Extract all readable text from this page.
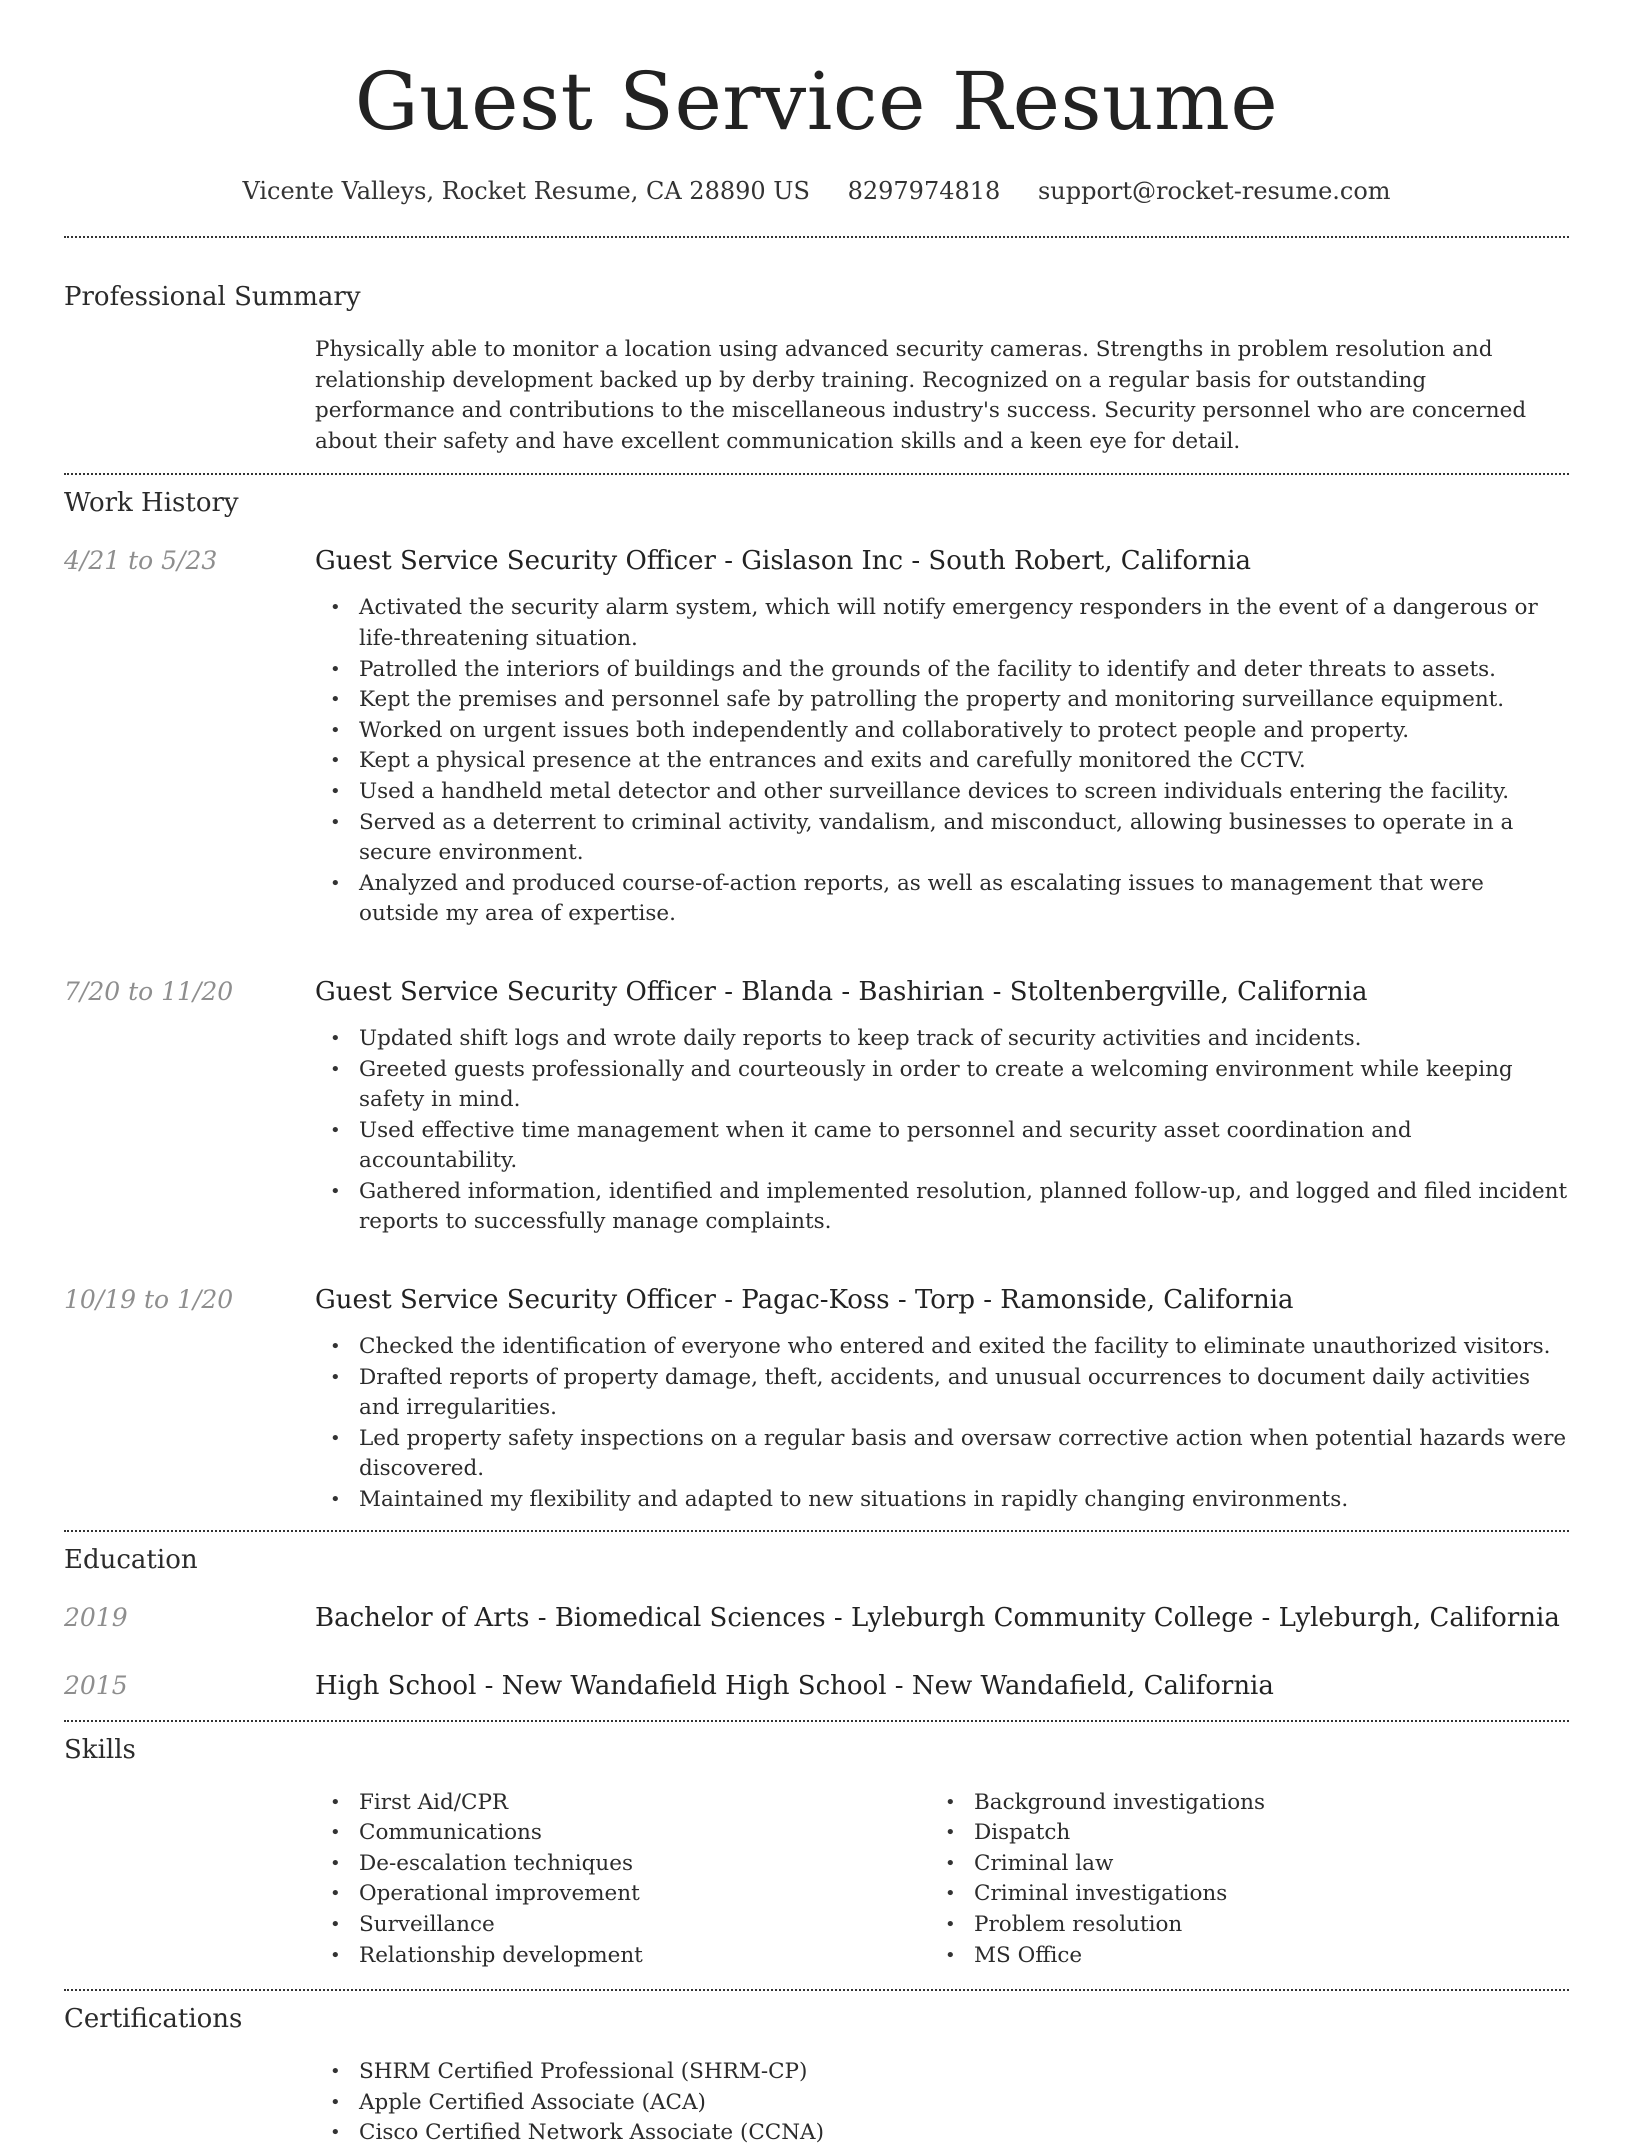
Guest Service Resume
Vicente Valleys, Rocket Resume, CA 28890 US 8297974818 support@rocket-resume.com
Professional Summary
Physically able to monitor a location using advanced security cameras. Strengths in problem resolution and relationship development backed up by derby training. Recognized on a regular basis for outstanding performance and contributions to the miscellaneous industry's success. Security personnel who are concerned about their safety and have excellent communication skills and a keen eye for detail.
Work History
4/21 to 5/23	Guest Service Security Officer - Gislason Inc - South Robert, California
• Activated the security alarm system, which will notify emergency responders in the event of a dangerous or life-threatening situation.
• Patrolled the interiors of buildings and the grounds of the facility to identify and deter threats to assets.
• Kept the premises and personnel safe by patrolling the property and monitoring surveillance equipment.
• Worked on urgent issues both independently and collaboratively to protect people and property.
• Kept a physical presence at the entrances and exits and carefully monitored the CCTV.
• Used a handheld metal detector and other surveillance devices to screen individuals entering the facility.
• Served as a deterrent to criminal activity, vandalism, and misconduct, allowing businesses to operate in a secure environment.
• Analyzed and produced course-of-action reports, as well as escalating issues to management that were outside my area of expertise.
7/20 to 11/20	Guest Service Security Officer - Blanda - Bashirian - Stoltenbergville, California
• Updated shift logs and wrote daily reports to keep track of security activities and incidents.
• Greeted guests professionally and courteously in order to create a welcoming environment while keeping safety in mind.
• Used effective time management when it came to personnel and security asset coordination and accountability.
• Gathered information, identified and implemented resolution, planned follow-up, and logged and filed incident reports to successfully manage complaints.
10/19 to 1/20	Guest Service Security Officer - Pagac-Koss - Torp - Ramonside, California
• Checked the identification of everyone who entered and exited the facility to eliminate unauthorized visitors.
• Drafted reports of property damage, theft, accidents, and unusual occurrences to document daily activities and irregularities.
• Led property safety inspections on a regular basis and oversaw corrective action when potential hazards were discovered.
• Maintained my flexibility and adapted to new situations in rapidly changing environments.
Education
2019	Bachelor of Arts - Biomedical Sciences - Lyleburgh Community College - Lyleburgh, California
2015	High School - New Wandafield High School - New Wandafield, California
Skills
• First Aid/CPR
• Communications
• De-escalation techniques
• Operational improvement
• Surveillance
• Relationship development
• Background investigations
• Dispatch
• Criminal law
• Criminal investigations
• Problem resolution
• MS Office
Certifications
• SHRM Certified Professional (SHRM-CP)
• Apple Certified Associate (ACA)
• Cisco Certified Network Associate (CCNA)
